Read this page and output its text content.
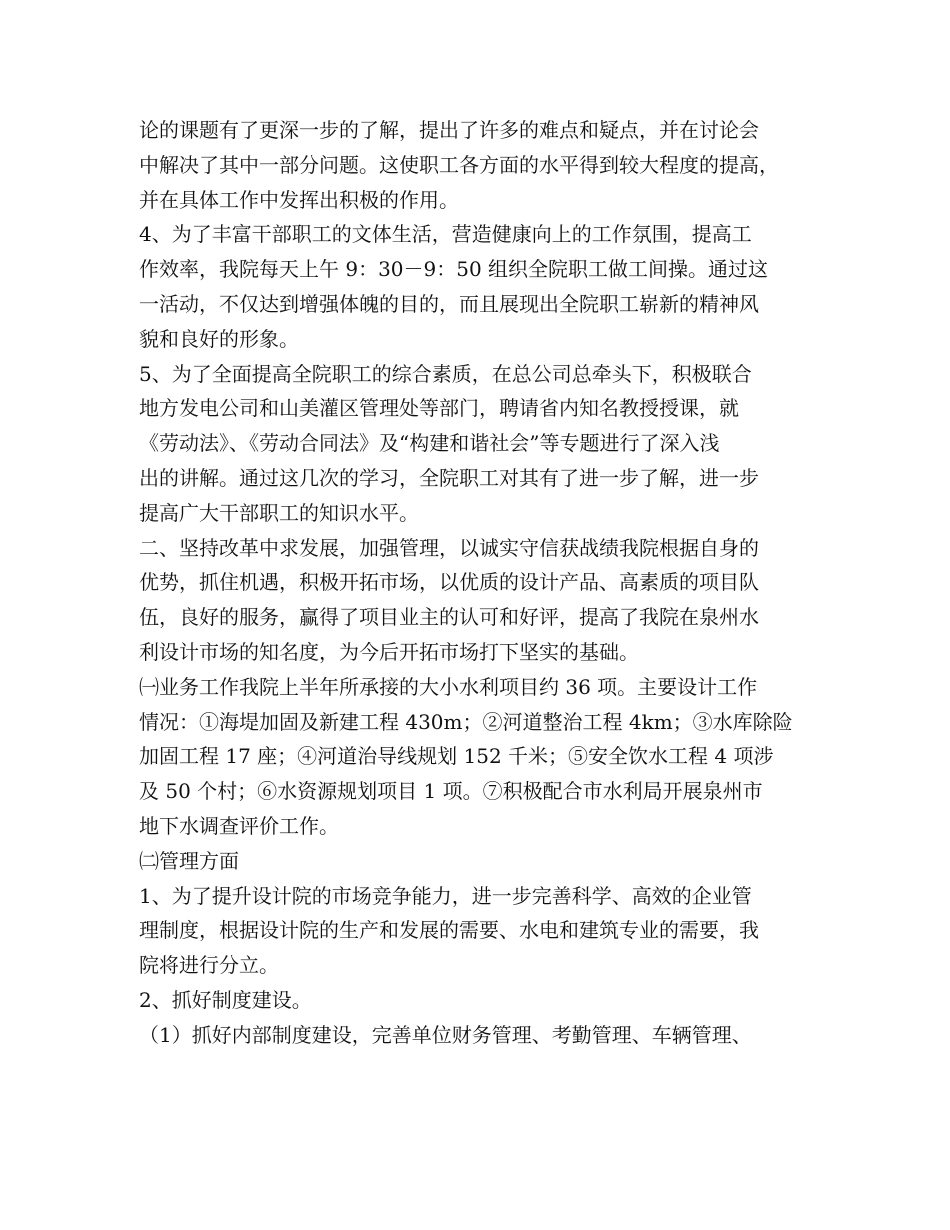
论的课题有了更深一步的了解，提出了许多的难点和疑点，并在讨论会
中解决了其中一部分问题。这使职工各方面的水平得到较大程度的提高，
并在具体工作中发挥出积极的作用。
4、为了丰富干部职工的文体生活，营造健康向上的工作氛围，提高工
作效率，我院每天上午 9：30－9：50 组织全院职工做工间操。通过这
一活动，不仅达到增强体魄的目的，而且展现出全院职工崭新的精神风
貌和良好的形象。
5、为了全面提高全院职工的综合素质，在总公司总牵头下，积极联合
地方发电公司和山美灌区管理处等部门，聘请省内知名教授授课，就
《劳动法》、《劳动合同法》及“构建和谐社会”等专题进行了深入浅
出的讲解。通过这几次的学习，全院职工对其有了进一步了解，进一步
提高广大干部职工的知识水平。
二、坚持改革中求发展，加强管理，以诚实守信获战绩我院根据自身的
优势，抓住机遇，积极开拓市场，以优质的设计产品、高素质的项目队
伍，良好的服务，赢得了项目业主的认可和好评，提高了我院在泉州水
利设计市场的知名度，为今后开拓市场打下坚实的基础。
㈠业务工作我院上半年所承接的大小水利项目约 36 项。主要设计工作
情况：①海堤加固及新建工程 430m；②河道整治工程 4km；③水库除险
加固工程 17 座；④河道治导线规划 152 千米；⑤安全饮水工程 4 项涉
及 50 个村；⑥水资源规划项目 1 项。⑦积极配合市水利局开展泉州市
地下水调查评价工作。
㈡管理方面
1、为了提升设计院的市场竞争能力，进一步完善科学、高效的企业管
理制度，根据设计院的生产和发展的需要、水电和建筑专业的需要，我
院将进行分立。
2、抓好制度建设。
（1）抓好内部制度建设，完善单位财务管理、考勤管理、车辆管理、
